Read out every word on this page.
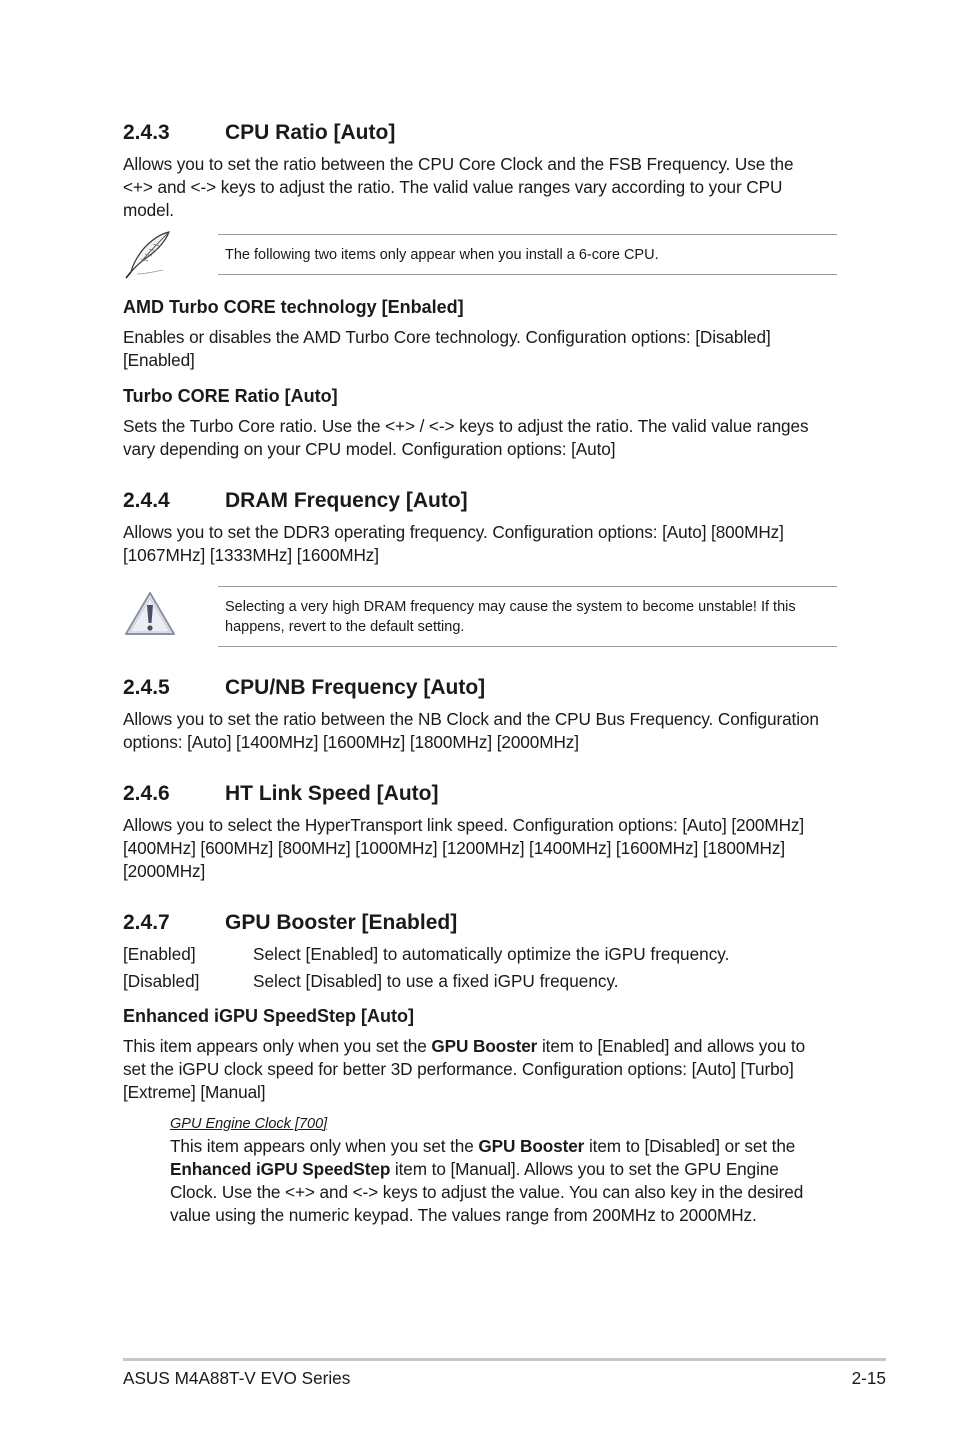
2.4.3	CPU Ratio [Auto]

Allows you to set the ratio between the CPU Core Clock and the FSB Frequency. Use the

<+> and <-> keys to adjust the ratio. The valid value ranges vary according to your CPU

model.

The following two items only appear when you install a 6-core CPU.
AMD Turbo CORE technology [Enbaled]

Enables or disables the AMD Turbo Core technology. Configuration options: [Disabled]

[Enabled]

Turbo CORE Ratio [Auto]

Sets the Turbo Core ratio. Use the <+> / <-> keys to adjust the ratio. The valid value ranges

vary depending on your CPU model. Configuration options: [Auto]

2.4.4	DRAM Frequency [Auto]

Allows you to set the DDR3 operating frequency. Configuration options: [Auto] [800MHz]

[1067MHz] [1333MHz] [1600MHz]

Selecting a very high DRAM frequency may cause the system to become unstable! If this
happens, revert to the default setting.
2.4.5	CPU/NB Frequency [Auto]

Allows you to set the ratio between the NB Clock and the CPU Bus Frequency. Configuration

options: [Auto] [1400MHz] [1600MHz] [1800MHz] [2000MHz]

2.4.6	HT Link Speed [Auto]

Allows you to select the HyperTransport link speed. Configuration options: [Auto] [200MHz]

[400MHz] [600MHz] [800MHz] [1000MHz] [1200MHz] [1400MHz] [1600MHz] [1800MHz]

[2000MHz]

2.4.7	GPU Booster [Enabled]
[Enabled]	Select [Enabled] to automatically optimize the iGPU frequency.
[Disabled]	Select [Disabled] to use a fixed iGPU frequency.
Enhanced iGPU SpeedStep [Auto]

This item appears only when you set the GPU Booster item to [Enabled] and allows you to

set the iGPU clock speed for better 3D performance. Configuration options: [Auto] [Turbo]

[Extreme] [Manual]

GPU Engine Clock [700]

This item appears only when you set the GPU Booster item to [Disabled] or set the

Enhanced iGPU SpeedStep item to [Manual]. Allows you to set the GPU Engine

Clock. Use the <+> and <-> keys to adjust the value. You can also key in the desired

value using the numeric keypad. The values range from 200MHz to 2000MHz.

ASUS M4A88T-V EVO Series	2-15
